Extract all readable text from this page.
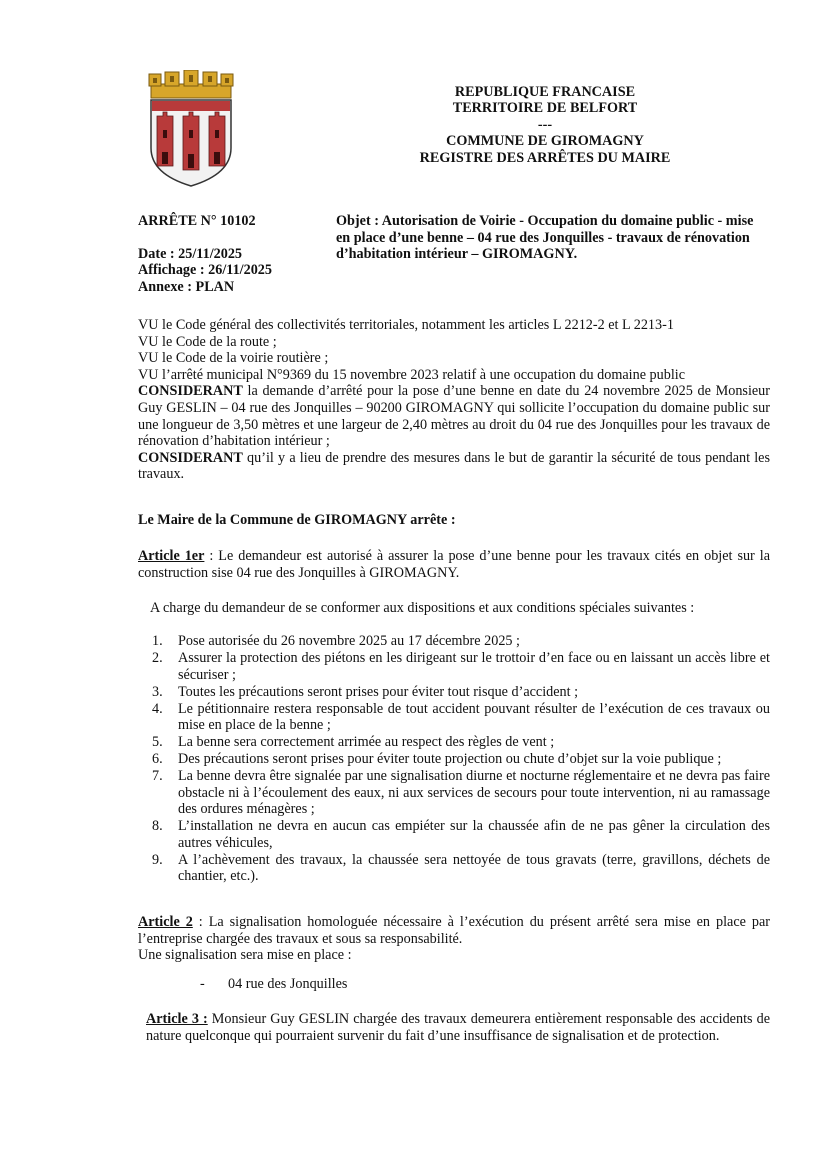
REPUBLIQUE FRANCAISE
TERRITOIRE DE BELFORT
---
COMMUNE DE GIROMAGNY
REGISTRE DES ARRÊTES DU MAIRE
ARRÊTE N° 10102
Date : 25/11/2025
Affichage : 26/11/2025
Annexe : PLAN
Objet : Autorisation de Voirie - Occupation du domaine public - mise en place d’une benne – 04 rue des Jonquilles - travaux de rénovation d’habitation intérieur – GIROMAGNY.

VU le Code général des collectivités territoriales, notamment les articles L 2212-2 et L 2213-1

VU le Code de la route ;

VU le Code de la voirie routière ;

VU l’arrêté municipal N°9369 du 15 novembre 2023 relatif à une occupation du domaine public

CONSIDERANT la demande d’arrêté pour la pose d’une benne en date du 24 novembre 2025 de Monsieur Guy GESLIN – 04 rue des Jonquilles – 90200 GIROMAGNY qui sollicite l’occupation du domaine public sur une longueur de 3,50 mètres et une largeur de 2,40 mètres au droit du 04 rue des Jonquilles pour les travaux de rénovation d’habitation intérieur ;

CONSIDERANT qu’il y a lieu de prendre des mesures dans le but de garantir la sécurité de tous pendant les travaux.

Le Maire de la Commune de GIROMAGNY arrête :

Article 1er : Le demandeur est autorisé à assurer la pose d’une benne pour les travaux cités en objet sur la construction sise 04 rue des Jonquilles à GIROMAGNY.

A charge du demandeur de se conformer aux dispositions et aux conditions spéciales suivantes :
1. Pose autorisée du 26 novembre 2025 au 17 décembre 2025 ;
2. Assurer la protection des piétons en les dirigeant sur le trottoir d’en face ou en laissant un accès libre et sécuriser ;
3. Toutes les précautions seront prises pour éviter tout risque d’accident ;
4. Le pétitionnaire restera responsable de tout accident pouvant résulter de l’exécution de ces travaux ou mise en place de la benne ;
5. La benne sera correctement arrimée au respect des règles de vent ;
6. Des précautions seront prises pour éviter toute projection ou chute d’objet sur la voie publique ;
7. La benne devra être signalée par une signalisation diurne et nocturne réglementaire et ne devra pas faire obstacle ni à l’écoulement des eaux, ni aux services de secours pour toute intervention, ni au ramassage des ordures ménagères ;
8. L’installation ne devra en aucun cas empiéter sur la chaussée afin de ne pas gêner la circulation des autres véhicules,
9. A l’achèvement des travaux, la chaussée sera nettoyée de tous gravats (terre, gravillons, déchets de chantier, etc.).

Article 2 : La signalisation homologuée nécessaire à l’exécution du présent arrêté sera mise en place par l’entreprise chargée des travaux et sous sa responsabilité.

Une signalisation sera mise en place :

- 04 rue des Jonquilles

Article 3 : Monsieur Guy GESLIN chargée des travaux demeurera entièrement responsable des accidents de nature quelconque qui pourraient survenir du fait d’une insuffisance de signalisation et de protection.
